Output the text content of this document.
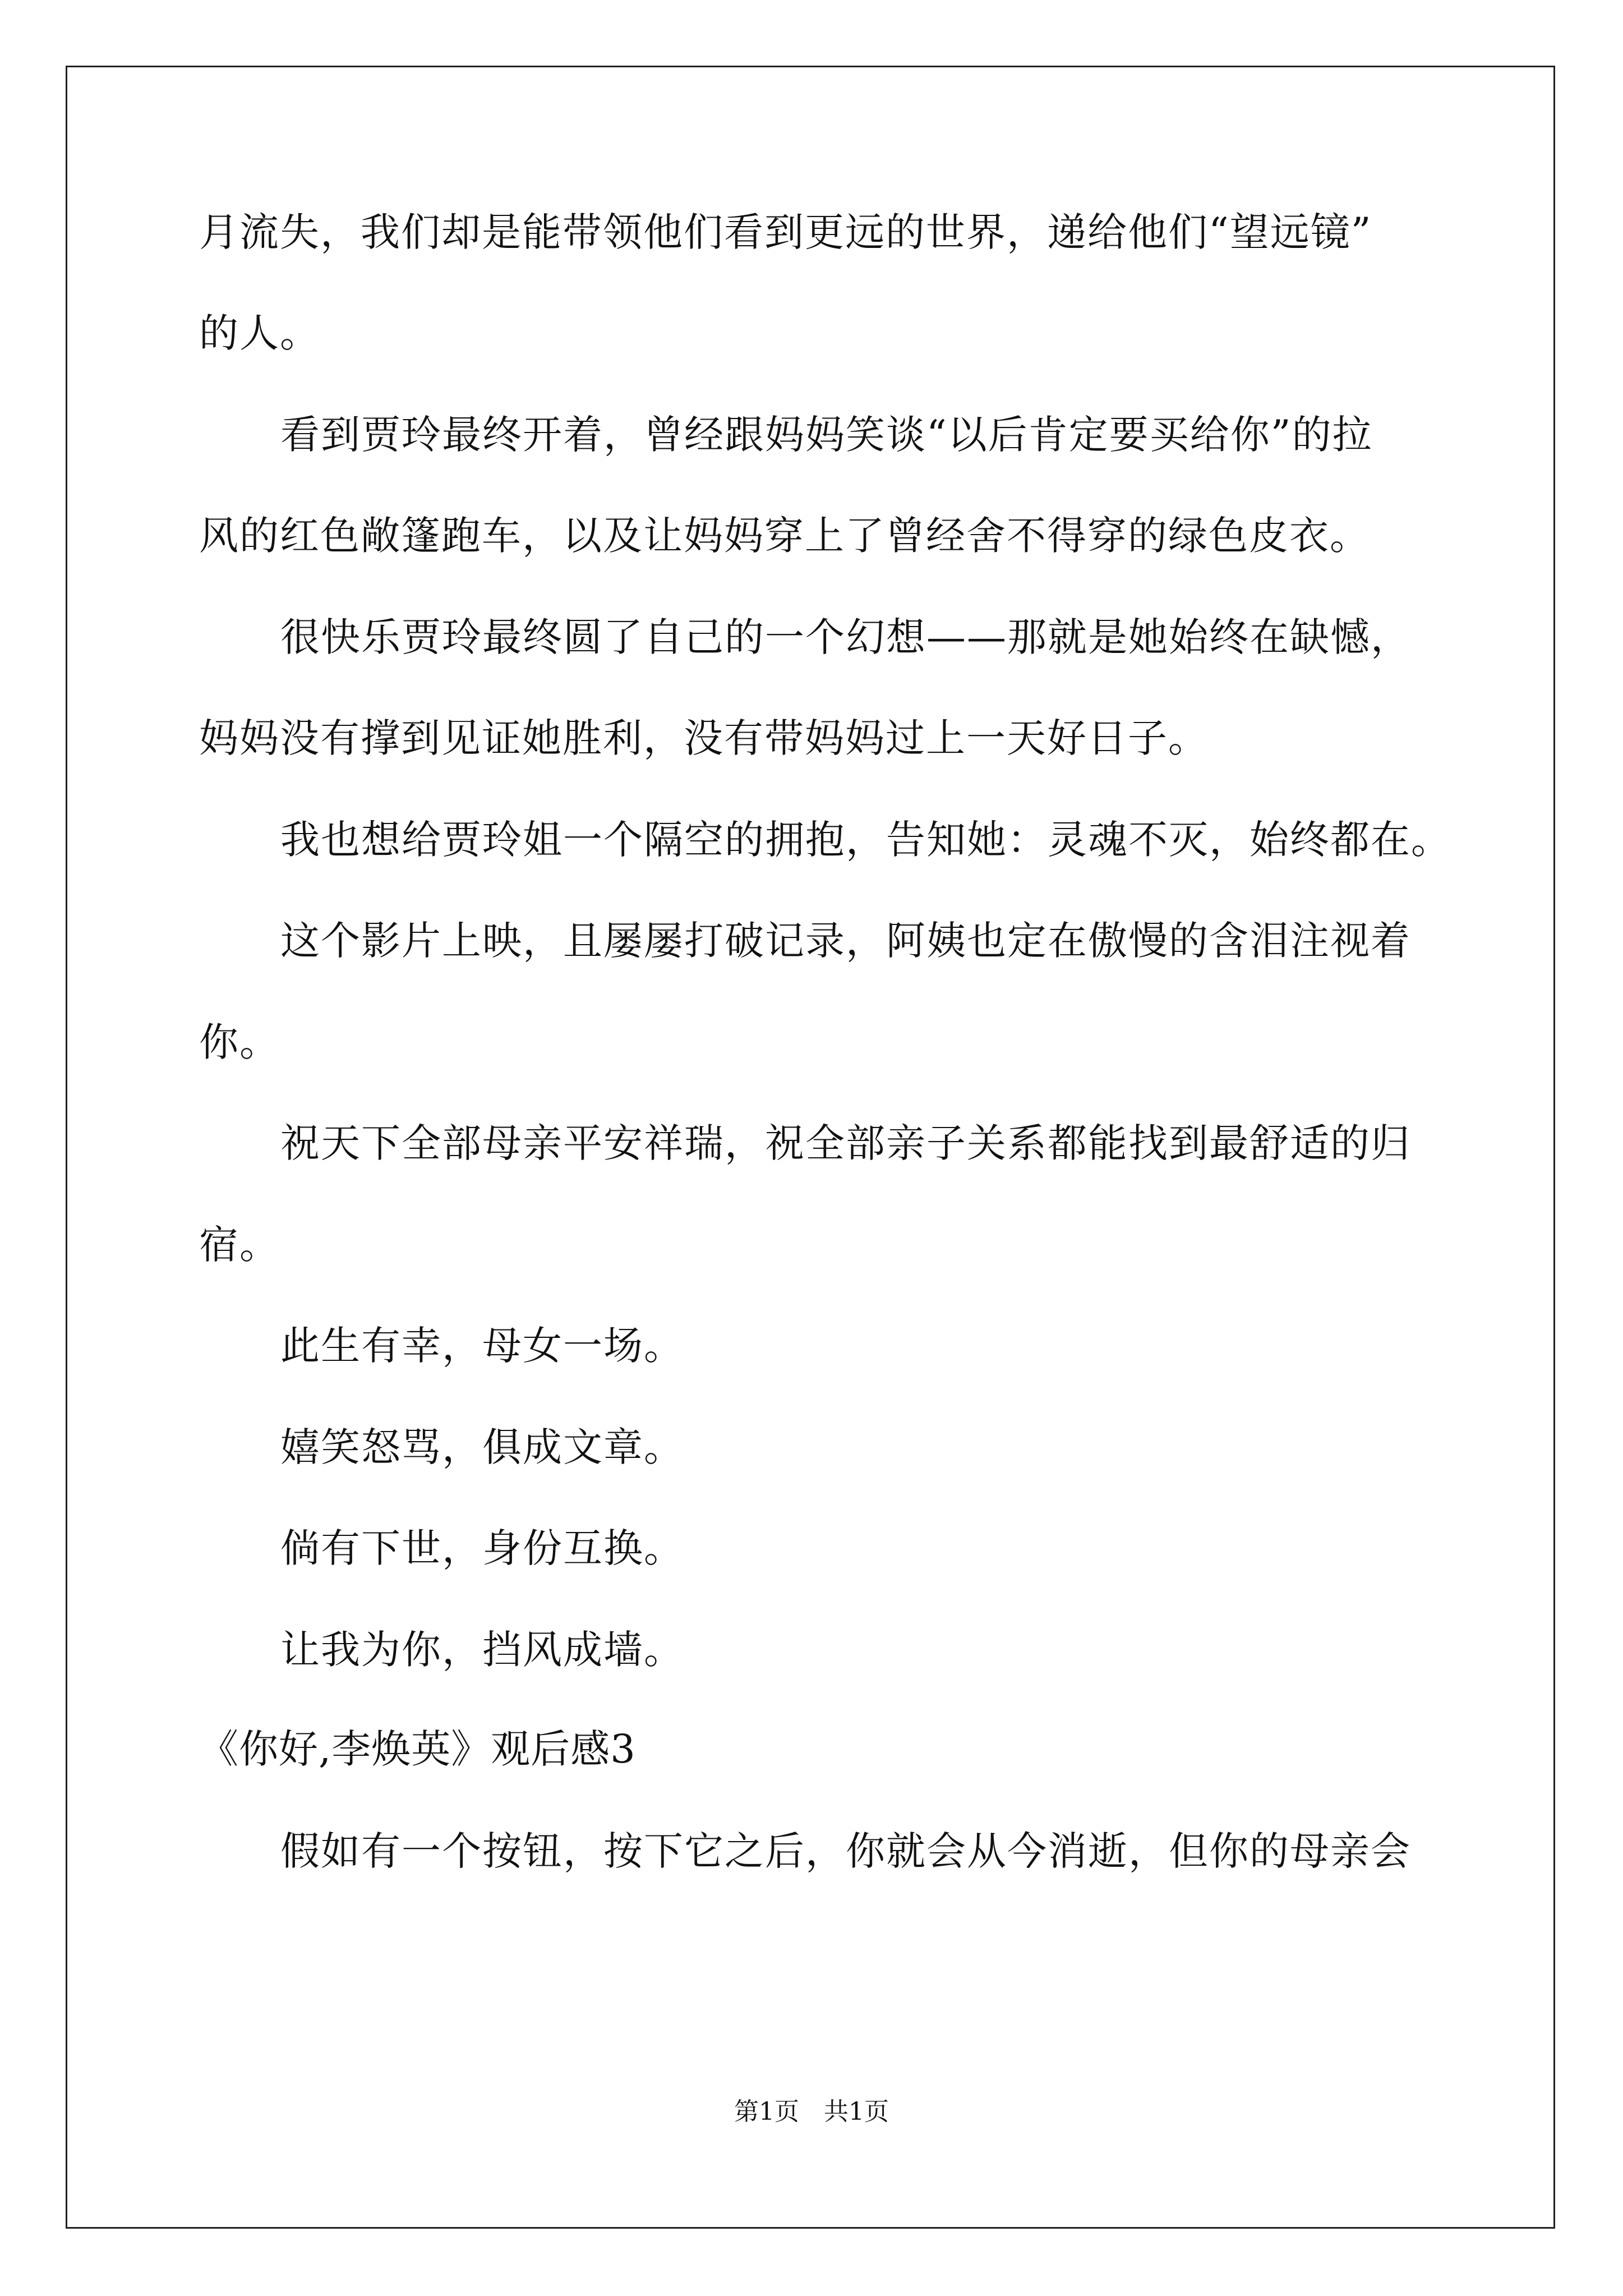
月流失，我们却是能带领他们看到更远的世界，递给他们“望远镜”

的人。

看到贾玲最终开着，曾经跟妈妈笑谈“以后肯定要买给你”的拉

风的红色敞篷跑车，以及让妈妈穿上了曾经舍不得穿的绿色皮衣。

很快乐贾玲最终圆了自己的一个幻想——那就是她始终在缺憾，

妈妈没有撑到见证她胜利，没有带妈妈过上一天好日子。

我也想给贾玲姐一个隔空的拥抱，告知她：灵魂不灭，始终都在。

这个影片上映，且屡屡打破记录，阿姨也定在傲慢的含泪注视着

你。

祝天下全部母亲平安祥瑞，祝全部亲子关系都能找到最舒适的归

宿。

此生有幸，母女一场。

嬉笑怒骂，俱成文章。

倘有下世，身份互换。

让我为你，挡风成墙。

《你好,李焕英》观后感3

假如有一个按钮，按下它之后，你就会从今消逝，但你的母亲会

第1页　共1页
